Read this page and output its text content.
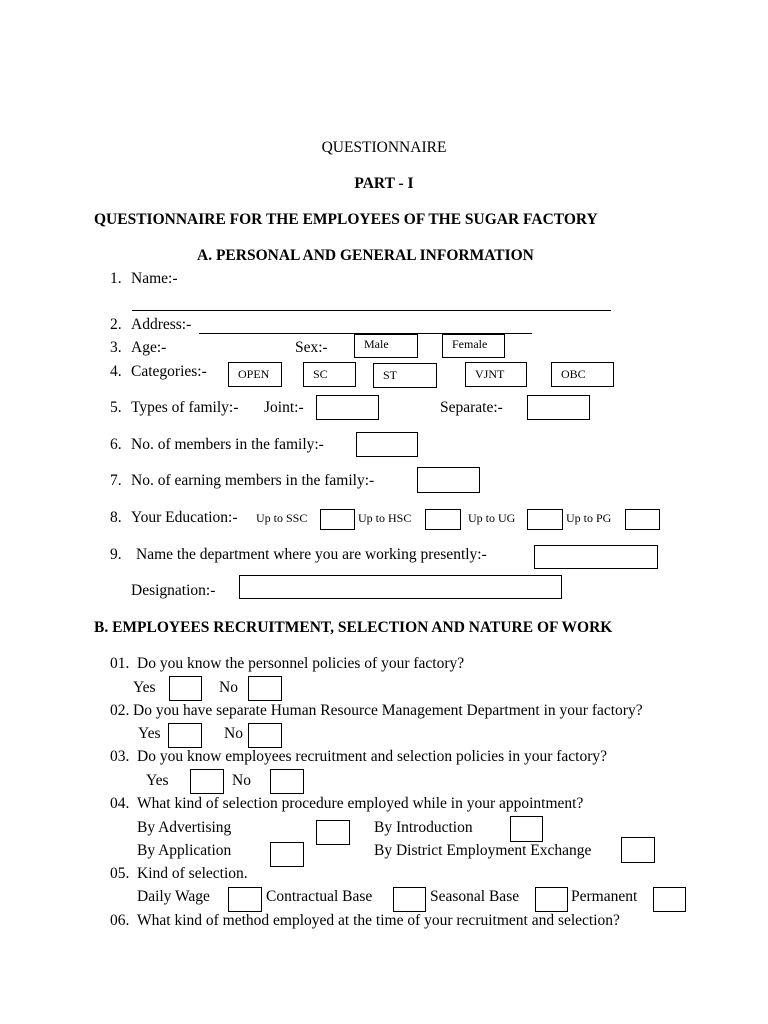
QUESTIONNAIRE
PART - I
QUESTIONNAIRE FOR THE EMPLOYEES OF THE SUGAR FACTORY
A. PERSONAL AND GENERAL INFORMATION
1. Name:-
2. Address:-
3. Age:-	Sex:-	Male	Female
4. Categories:-	OPEN	SC	ST	VJNT	OBC
5. Types of family:- Joint:-	Separate:-
6. No. of members in the family:-
7. No. of earning members in the family:-
8. Your Education:- Up to SSC	Up to HSC	Up to UG	Up to PG
9. Name the department where you are working presently:-
Designation:-
B. EMPLOYEES RECRUITMENT, SELECTION AND NATURE OF WORK
01. Do you know the personnel policies of your factory?
Yes	No
02. Do you have separate Human Resource Management Department in your factory?
Yes	No
03. Do you know employees recruitment and selection policies in your factory?
Yes	No
04. What kind of selection procedure employed while in your appointment?
By Advertising	By Introduction
By Application	By District Employment Exchange
05. Kind of selection.
Daily Wage	Contractual Base	Seasonal Base	Permanent
06. What kind of method employed at the time of your recruitment and selection?
